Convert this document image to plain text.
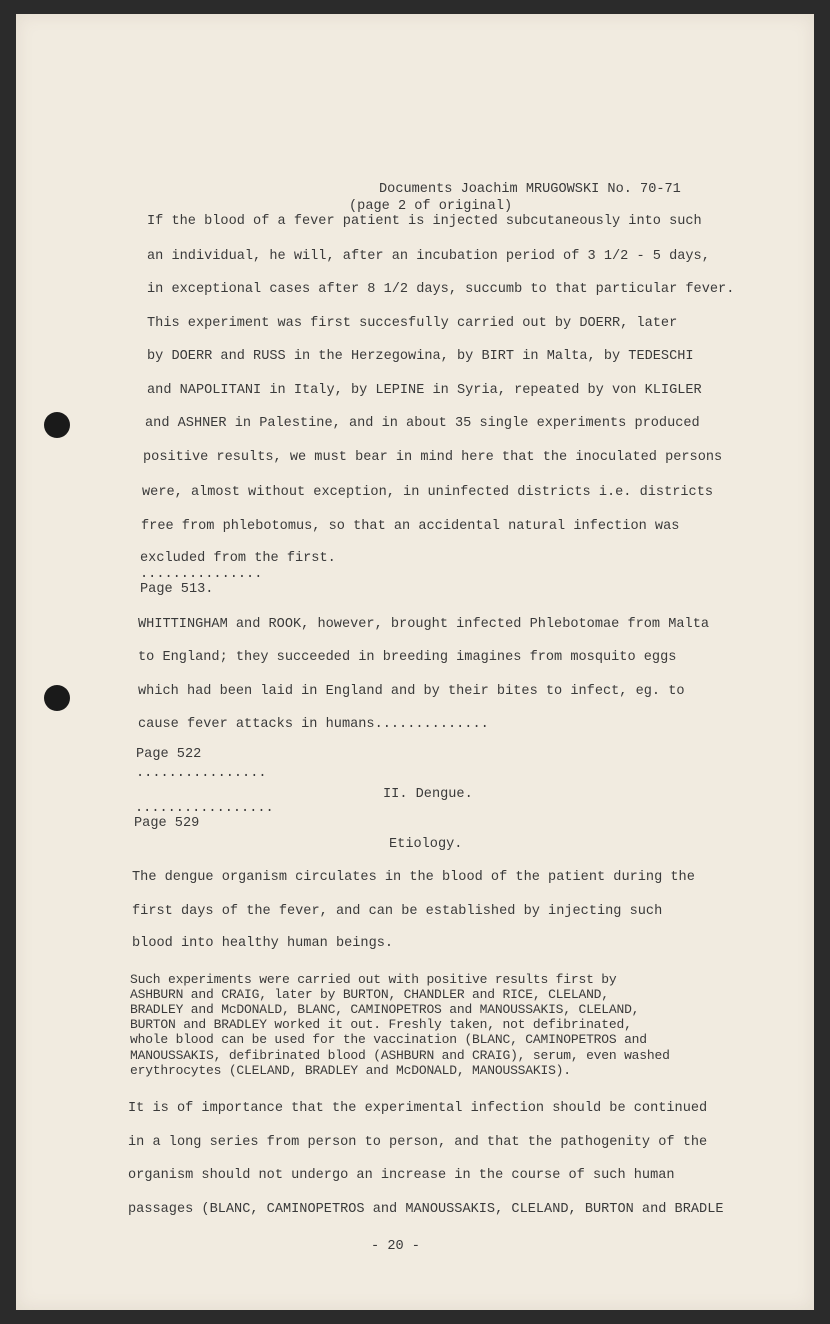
Documents Joachim MRUGOWSKI No. 70-71
(page 2 of original)
If the blood of a fever patient is injected subcutaneously into such
an individual, he will, after an incubation period of 3 1/2 - 5 days,
in exceptional cases after 8 1/2 days, succumb to that particular fever.
This experiment was first succesfully carried out by DOERR, later
by DOERR and RUSS in the Herzegowina, by BIRT in Malta, by TEDESCHI
and NAPOLITANI in Italy, by LEPINE in Syria, repeated by von KLIGLER
and ASHNER in Palestine, and in about 35 single experiments produced
positive results, we must bear in mind here that the inoculated persons
were, almost without exception, in uninfected districts i.e. districts
free from phlebotomus, so that an accidental natural infection was
excluded from the first.
...............
Page 513.
WHITTINGHAM and ROOK, however, brought infected Phlebotomae from Malta
to England; they succeeded in breeding imagines from mosquito eggs
which had been laid in England and by their bites to infect, eg. to
cause fever attacks in humans..............
Page 522
................
II. Dengue.
.................
Page 529
Etiology.
The dengue organism circulates in the blood of the patient during the
first days of the fever, and can be established by injecting such
blood into healthy human beings.
Such experiments were carried out with positive results first by
ASHBURN and CRAIG, later by BURTON, CHANDLER and RICE, CLELAND,
BRADLEY and McDONALD, BLANC, CAMINOPETROS and MANOUSSAKIS, CLELAND,
BURTON and BRADLEY worked it out. Freshly taken, not defibrinated,
whole blood can be used for the vaccination (BLANC, CAMINOPETROS and
MANOUSSAKIS, defibrinated blood (ASHBURN and CRAIG), serum, even washed
erythrocytes (CLELAND, BRADLEY and McDONALD, MANOUSSAKIS).
It is of importance that the experimental infection should be continued
in a long series from person to person, and that the pathogenity of the
organism should not undergo an increase in the course of such human
passages (BLANC, CAMINOPETROS and MANOUSSAKIS, CLELAND, BURTON and BRADLE
- 20 -
